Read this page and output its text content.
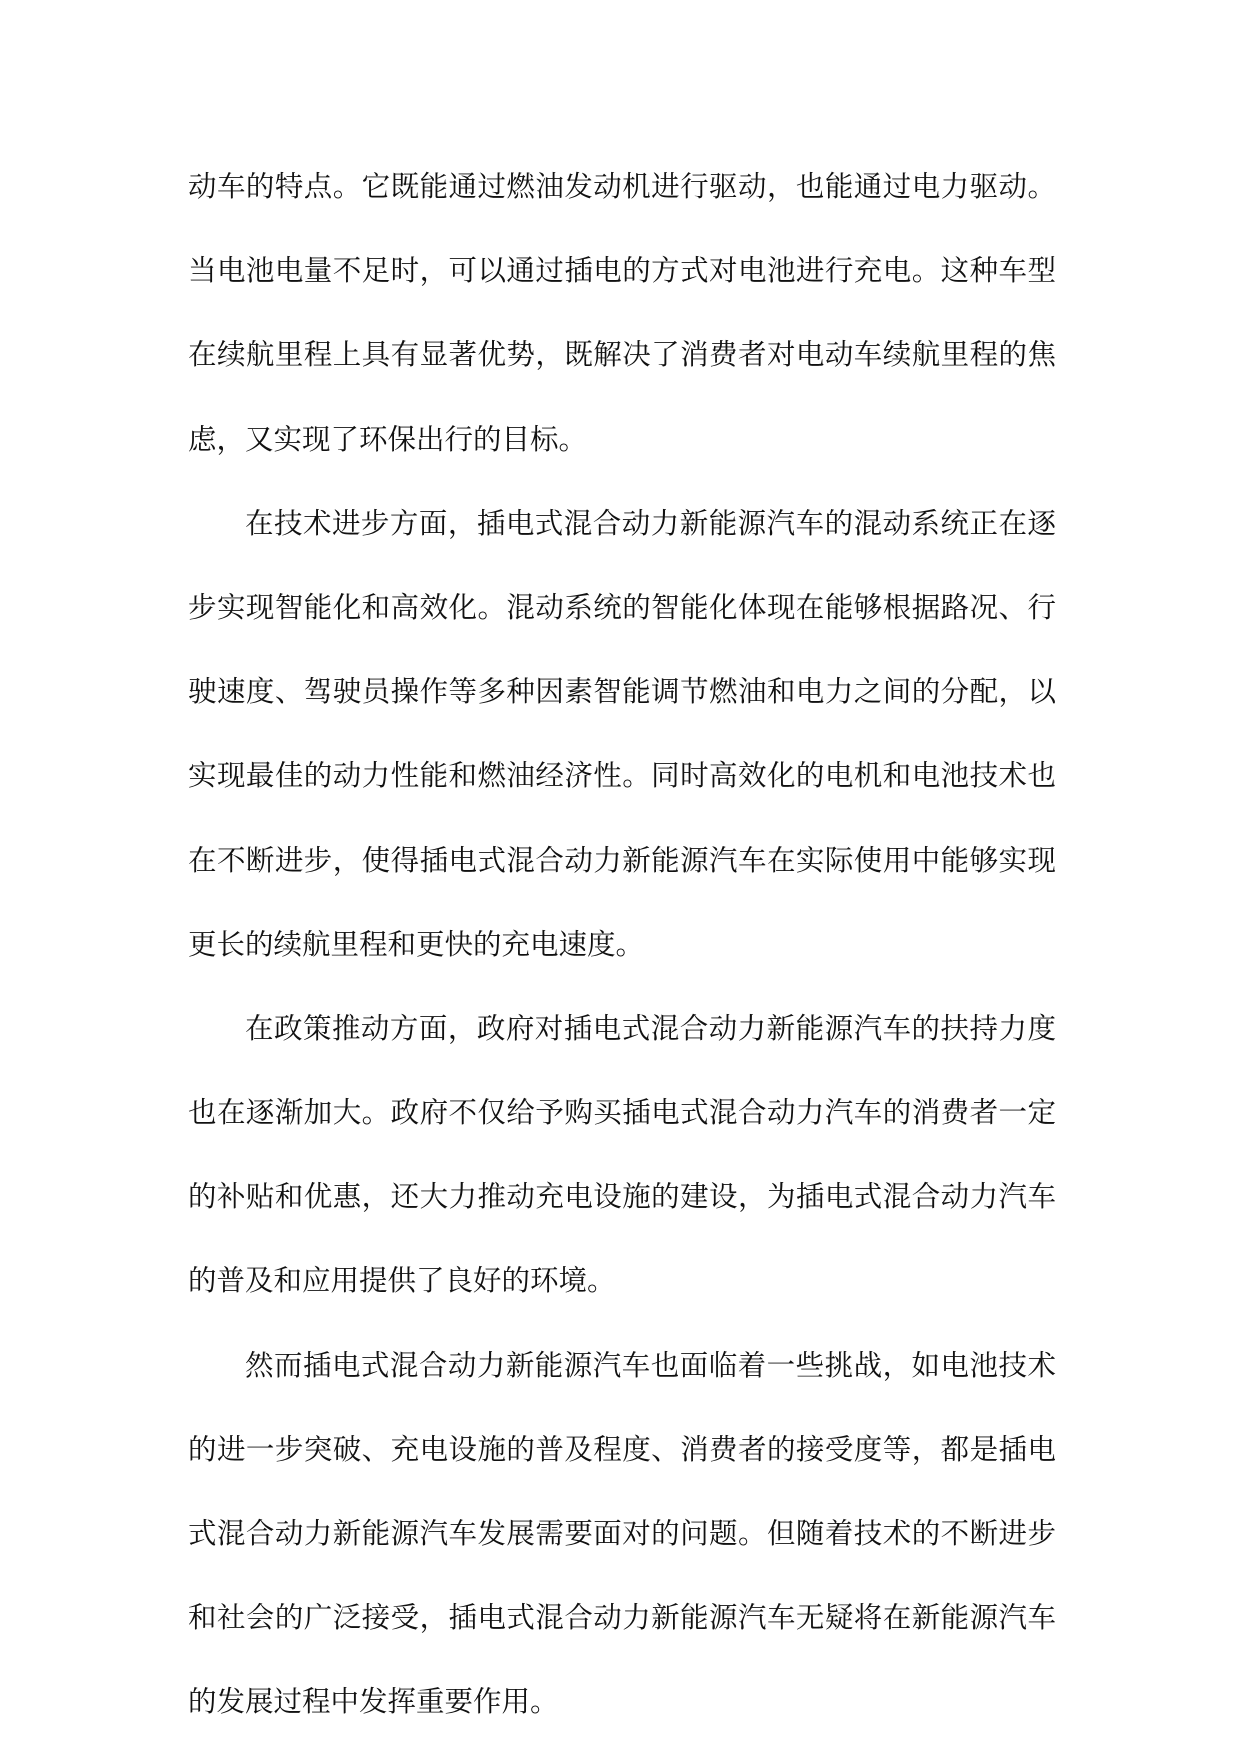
动车的特点。它既能通过燃油发动机进行驱动，也能通过电力驱动。
当电池电量不足时，可以通过插电的方式对电池进行充电。这种车型
在续航里程上具有显著优势，既解决了消费者对电动车续航里程的焦
虑，又实现了环保出行的目标。
在技术进步方面，插电式混合动力新能源汽车的混动系统正在逐
步实现智能化和高效化。混动系统的智能化体现在能够根据路况、行
驶速度、驾驶员操作等多种因素智能调节燃油和电力之间的分配，以
实现最佳的动力性能和燃油经济性。同时高效化的电机和电池技术也
在不断进步，使得插电式混合动力新能源汽车在实际使用中能够实现
更长的续航里程和更快的充电速度。
在政策推动方面，政府对插电式混合动力新能源汽车的扶持力度
也在逐渐加大。政府不仅给予购买插电式混合动力汽车的消费者一定
的补贴和优惠，还大力推动充电设施的建设，为插电式混合动力汽车
的普及和应用提供了良好的环境。
然而插电式混合动力新能源汽车也面临着一些挑战，如电池技术
的进一步突破、充电设施的普及程度、消费者的接受度等，都是插电
式混合动力新能源汽车发展需要面对的问题。但随着技术的不断进步
和社会的广泛接受，插电式混合动力新能源汽车无疑将在新能源汽车
的发展过程中发挥重要作用。
